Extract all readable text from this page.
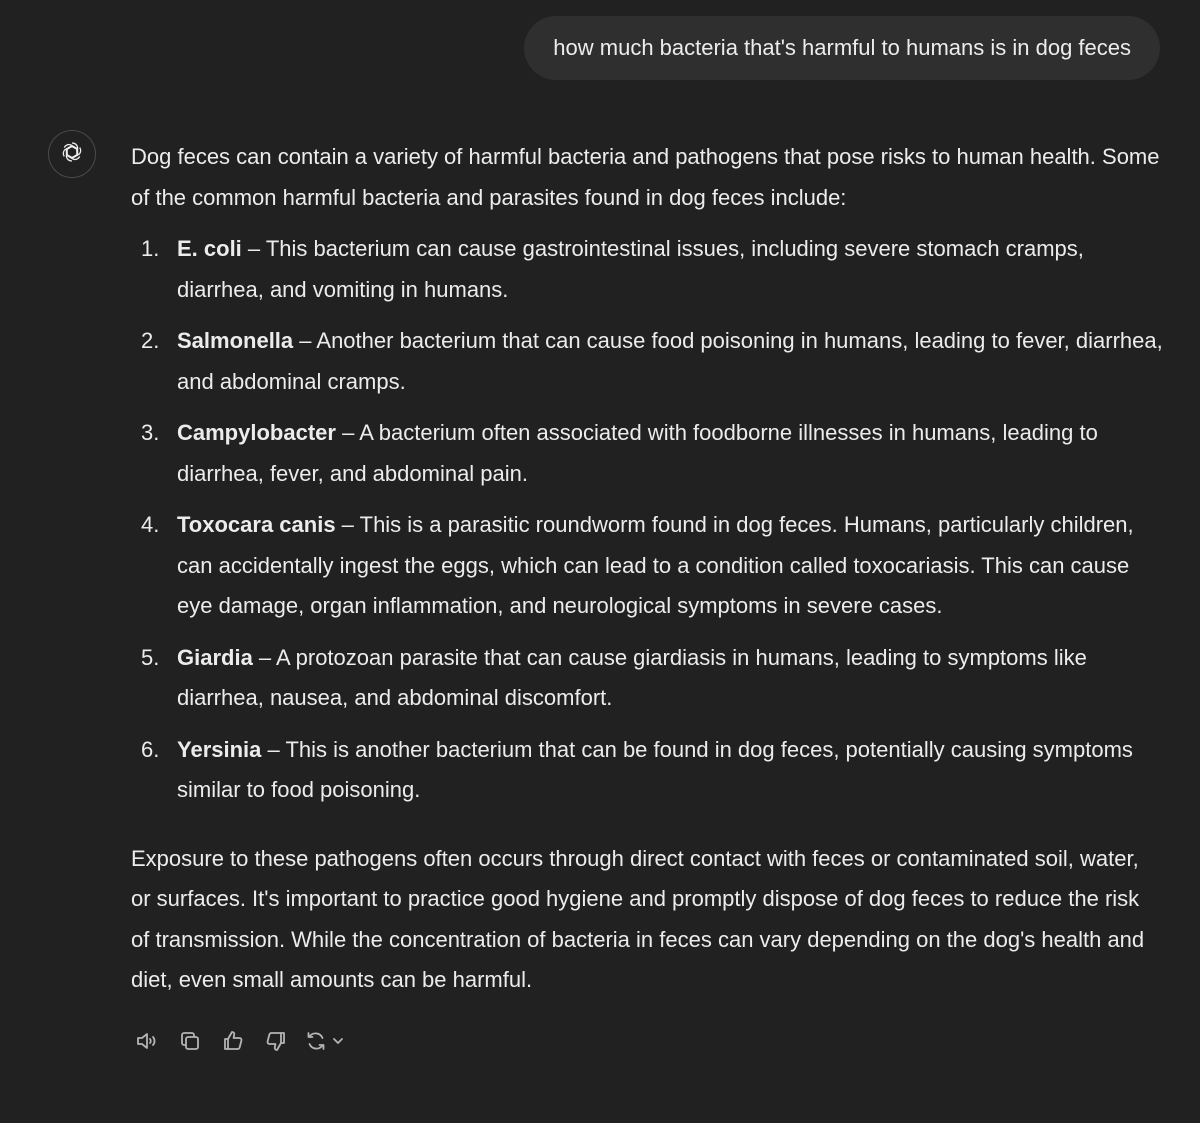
how much bacteria that's harmful to humans is in dog feces

Dog feces can contain a variety of harmful bacteria and pathogens that pose risks to human health. Some of the common harmful bacteria and parasites found in dog feces include:

1. E. coli – This bacterium can cause gastrointestinal issues, including severe stomach cramps, diarrhea, and vomiting in humans.
2. Salmonella – Another bacterium that can cause food poisoning in humans, leading to fever, diarrhea, and abdominal cramps.
3. Campylobacter – A bacterium often associated with foodborne illnesses in humans, leading to diarrhea, fever, and abdominal pain.
4. Toxocara canis – This is a parasitic roundworm found in dog feces. Humans, particularly children, can accidentally ingest the eggs, which can lead to a condition called toxocariasis. This can cause eye damage, organ inflammation, and neurological symptoms in severe cases.
5. Giardia – A protozoan parasite that can cause giardiasis in humans, leading to symptoms like diarrhea, nausea, and abdominal discomfort.
6. Yersinia – This is another bacterium that can be found in dog feces, potentially causing symptoms similar to food poisoning.

Exposure to these pathogens often occurs through direct contact with feces or contaminated soil, water, or surfaces. It's important to practice good hygiene and promptly dispose of dog feces to reduce the risk of transmission. While the concentration of bacteria in feces can vary depending on the dog's health and diet, even small amounts can be harmful.
